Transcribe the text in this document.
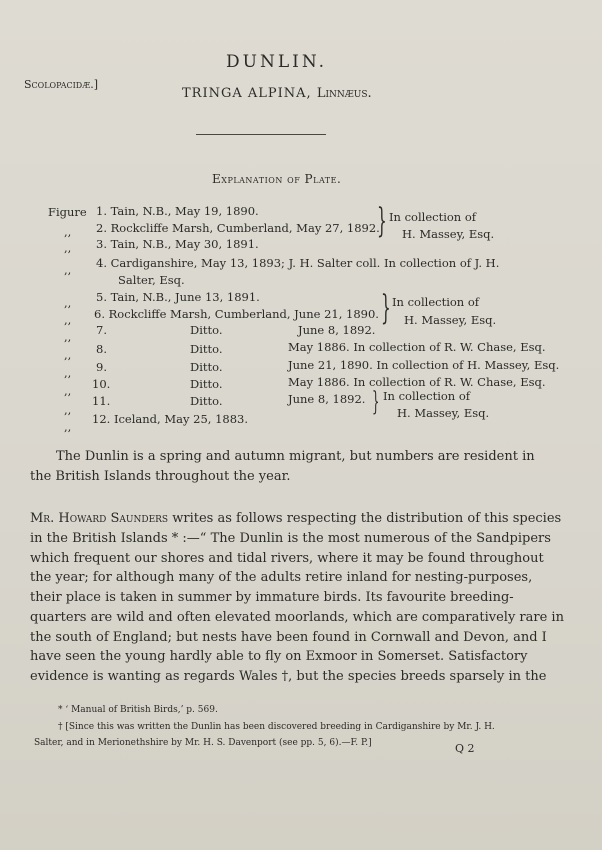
DUNLIN.
Scolopacidæ.]
TRINGA ALPINA, Linnæus.
Explanation of Plate.
Figure 1. Tain, N.B., May 19, 1890.
,, 2. Rockcliffe Marsh, Cumberland, May 27, 1892.
,, 3. Tain, N.B., May 30, 1891.
} In collection of
H. Massey, Esq.
,, 4. Cardiganshire, May 13, 1893; J. H. Salter coll. In collection of J. H.
Salter, Esq.
,, 5. Tain, N.B., June 13, 1891.
,, 6. Rockcliffe Marsh, Cumberland, June 21, 1890.
,, 7.	Ditto.	June 8, 1892.
} In collection of
H. Massey, Esq.
,, 8.	Ditto.	May 1886. In collection of R. W. Chase, Esq.
,, 9.	Ditto.	June 21, 1890. In collection of H. Massey, Esq.
,, 10.	Ditto.	May 1886. In collection of R. W. Chase, Esq.
,,
11.	Ditto.	June 8, 1892. } In collection of
H. Massey, Esq.
,,
12. Iceland, May 25, 1883.
The Dunlin is a spring and autumn migrant, but numbers are resident in
the British Islands throughout the year.
Mr. Howard Saunders writes as follows respecting the distribution of this species
in the British Islands * :—“ The Dunlin is the most numerous of the Sandpipers
which frequent our shores and tidal rivers, where it may be found throughout
the year; for although many of the adults retire inland for nesting-purposes,
their place is taken in summer by immature birds. Its favourite breeding-
quarters are wild and often elevated moorlands, which are comparatively rare in
the south of England; but nests have been found in Cornwall and Devon, and I
have seen the young hardly able to fly on Exmoor in Somerset. Satisfactory
evidence is wanting as regards Wales †, but the species breeds sparsely in the
* ‘ Manual of British Birds,’ p. 569.
† [Since this was written the Dunlin has been discovered breeding in Cardiganshire by Mr. J. H.
Salter, and in Merionethshire by Mr. H. S. Davenport (see pp. 5, 6).—F. P.]	Q 2
